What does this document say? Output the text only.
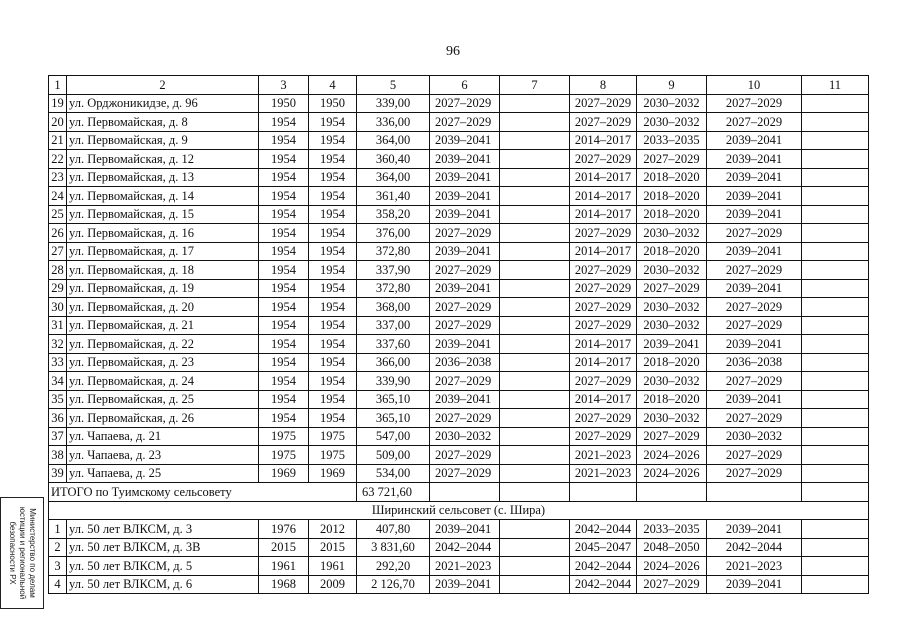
96
1	2	3	4	5	6	7	8	9	10	11
19	ул. Орджоникидзе, д. 96	1950	1950	339,00	2027–2029		2027–2029	2030–2032	2027–2029	
20	ул. Первомайская, д. 8	1954	1954	336,00	2027–2029		2027–2029	2030–2032	2027–2029	
21	ул. Первомайская, д. 9	1954	1954	364,00	2039–2041		2014–2017	2033–2035	2039–2041	
22	ул. Первомайская, д. 12	1954	1954	360,40	2039–2041		2027–2029	2027–2029	2039–2041	
23	ул. Первомайская, д. 13	1954	1954	364,00	2039–2041		2014–2017	2018–2020	2039–2041	
24	ул. Первомайская, д. 14	1954	1954	361,40	2039–2041		2014–2017	2018–2020	2039–2041	
25	ул. Первомайская, д. 15	1954	1954	358,20	2039–2041		2014–2017	2018–2020	2039–2041	
26	ул. Первомайская, д. 16	1954	1954	376,00	2027–2029		2027–2029	2030–2032	2027–2029	
27	ул. Первомайская, д. 17	1954	1954	372,80	2039–2041		2014–2017	2018–2020	2039–2041	
28	ул. Первомайская, д. 18	1954	1954	337,90	2027–2029		2027–2029	2030–2032	2027–2029	
29	ул. Первомайская, д. 19	1954	1954	372,80	2039–2041		2027–2029	2027–2029	2039–2041	
30	ул. Первомайская, д. 20	1954	1954	368,00	2027–2029		2027–2029	2030–2032	2027–2029	
31	ул. Первомайская, д. 21	1954	1954	337,00	2027–2029		2027–2029	2030–2032	2027–2029	
32	ул. Первомайская, д. 22	1954	1954	337,60	2039–2041		2014–2017	2039–2041	2039–2041	
33	ул. Первомайская, д. 23	1954	1954	366,00	2036–2038		2014–2017	2018–2020	2036–2038	
34	ул. Первомайская, д. 24	1954	1954	339,90	2027–2029		2027–2029	2030–2032	2027–2029	
35	ул. Первомайская, д. 25	1954	1954	365,10	2039–2041		2014–2017	2018–2020	2039–2041	
36	ул. Первомайская, д. 26	1954	1954	365,10	2027–2029		2027–2029	2030–2032	2027–2029	
37	ул. Чапаева, д. 21	1975	1975	547,00	2030–2032		2027–2029	2027–2029	2030–2032	
38	ул. Чапаева, д. 23	1975	1975	509,00	2027–2029		2021–2023	2024–2026	2027–2029	
39	ул. Чапаева, д. 25	1969	1969	534,00	2027–2029		2021–2023	2024–2026	2027–2029	
ИТОГО по Туимскому сельсовету				63 721,60						
Ширинский сельсовет (с. Шира)										
1	ул. 50 лет ВЛКСМ, д. 3	1976	2012	407,80	2039–2041		2042–2044	2033–2035	2039–2041	
2	ул. 50 лет ВЛКСМ, д. 3В	2015	2015	3 831,60	2042–2044		2045–2047	2048–2050	2042–2044	
3	ул. 50 лет ВЛКСМ, д. 5	1961	1961	292,20	2021–2023		2042–2044	2024–2026	2021–2023	
4	ул. 50 лет ВЛКСМ, д. 6	1968	2009	2 126,70	2039–2041		2042–2044	2027–2029	2039–2041	
Министерство по делам
юстиции и региональной
безопасности РХ
